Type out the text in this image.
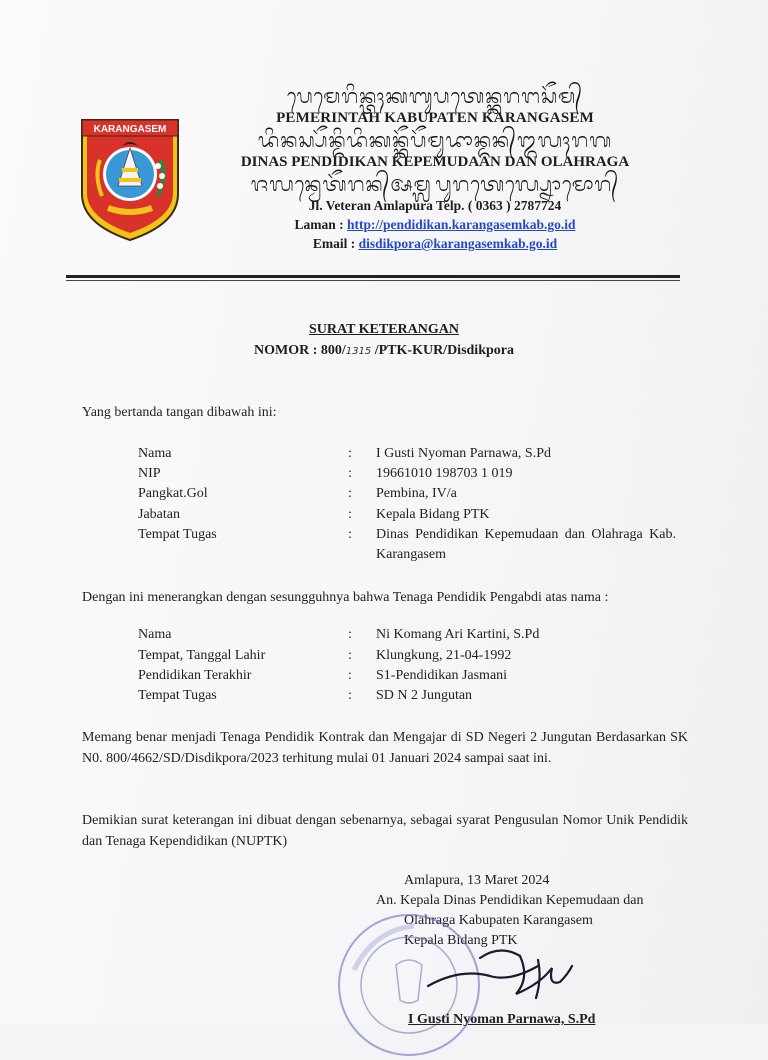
KARANGASEM
ᬧᬾᬫᬾᬭᬶᬦ᭄ᬢᬄᬓᬩᬸᬧᬢᬾᬦ᭄ᬓᬭᬗᬲᭂᬫ᭄
PEMERINTAH KABUPATEN KARANGASEM
ᬤᬶᬦᬲ᭄ᬧᭂᬦ᭄ᬤᬶᬤᬶᬓᬦ᭄ᬓᭂᬧᭂᬫᬸᬤᬵᬦ᭄ᬤᬦ᭄ᬑᬮᬄᬭᬕ
DINAS PENDIDIKAN KEPEMUDAAN DAN OLAHRAGA
ᬚᬮᬦ᭄ᬯᬾᬢᭂᬭᬦ᭄ᬅᬫ᭄ᬮᬧᬸᬭᬢᬾᬮ᭄ᬧ᭄ᬦᭀᬫᭀᬭ᭄
Jl. Veteran Amlapura Telp. ( 0363 ) 2787724
Laman : http://pendidikan.karangasemkab.go.id
Email : disdikpora@karangasemkab.go.id
SURAT KETERANGAN
NOMOR : 800/1315 /PTK-KUR/Disdikpora
Yang bertanda tangan dibawah ini:
Nama	: I Gusti Nyoman Parnawa, S.Pd
NIP	: 19661010 198703 1 019
Pangkat.Gol	: Pembina, IV/a
Jabatan	: Kepala Bidang PTK
Tempat Tugas	: Dinas Pendidikan Kepemudaan dan Olahraga Kab. Karangasem
Dengan ini menerangkan dengan sesungguhnya bahwa Tenaga Pendidik Pengabdi atas nama :
Nama	: Ni Komang Ari Kartini, S.Pd
Tempat, Tanggal Lahir	: Klungkung, 21-04-1992
Pendidikan Terakhir	: S1-Pendidikan Jasmani
Tempat Tugas	: SD N 2 Jungutan
Memang benar menjadi Tenaga Pendidik Kontrak dan Mengajar di SD Negeri 2 Jungutan Berdasarkan SK N0. 800/4662/SD/Disdikpora/2023 terhitung mulai 01 Januari 2024 sampai saat ini.
Demikian surat keterangan ini dibuat dengan sebenarnya, sebagai syarat Pengusulan Nomor Unik Pendidik dan Tenaga Kependidikan (NUPTK)
Amlapura, 13 Maret 2024
An. Kepala Dinas Pendidikan Kepemudaan dan
Olahraga Kabupaten Karangasem
Kepala Bidang PTK
I Gusti Nyoman Parnawa, S.Pd
